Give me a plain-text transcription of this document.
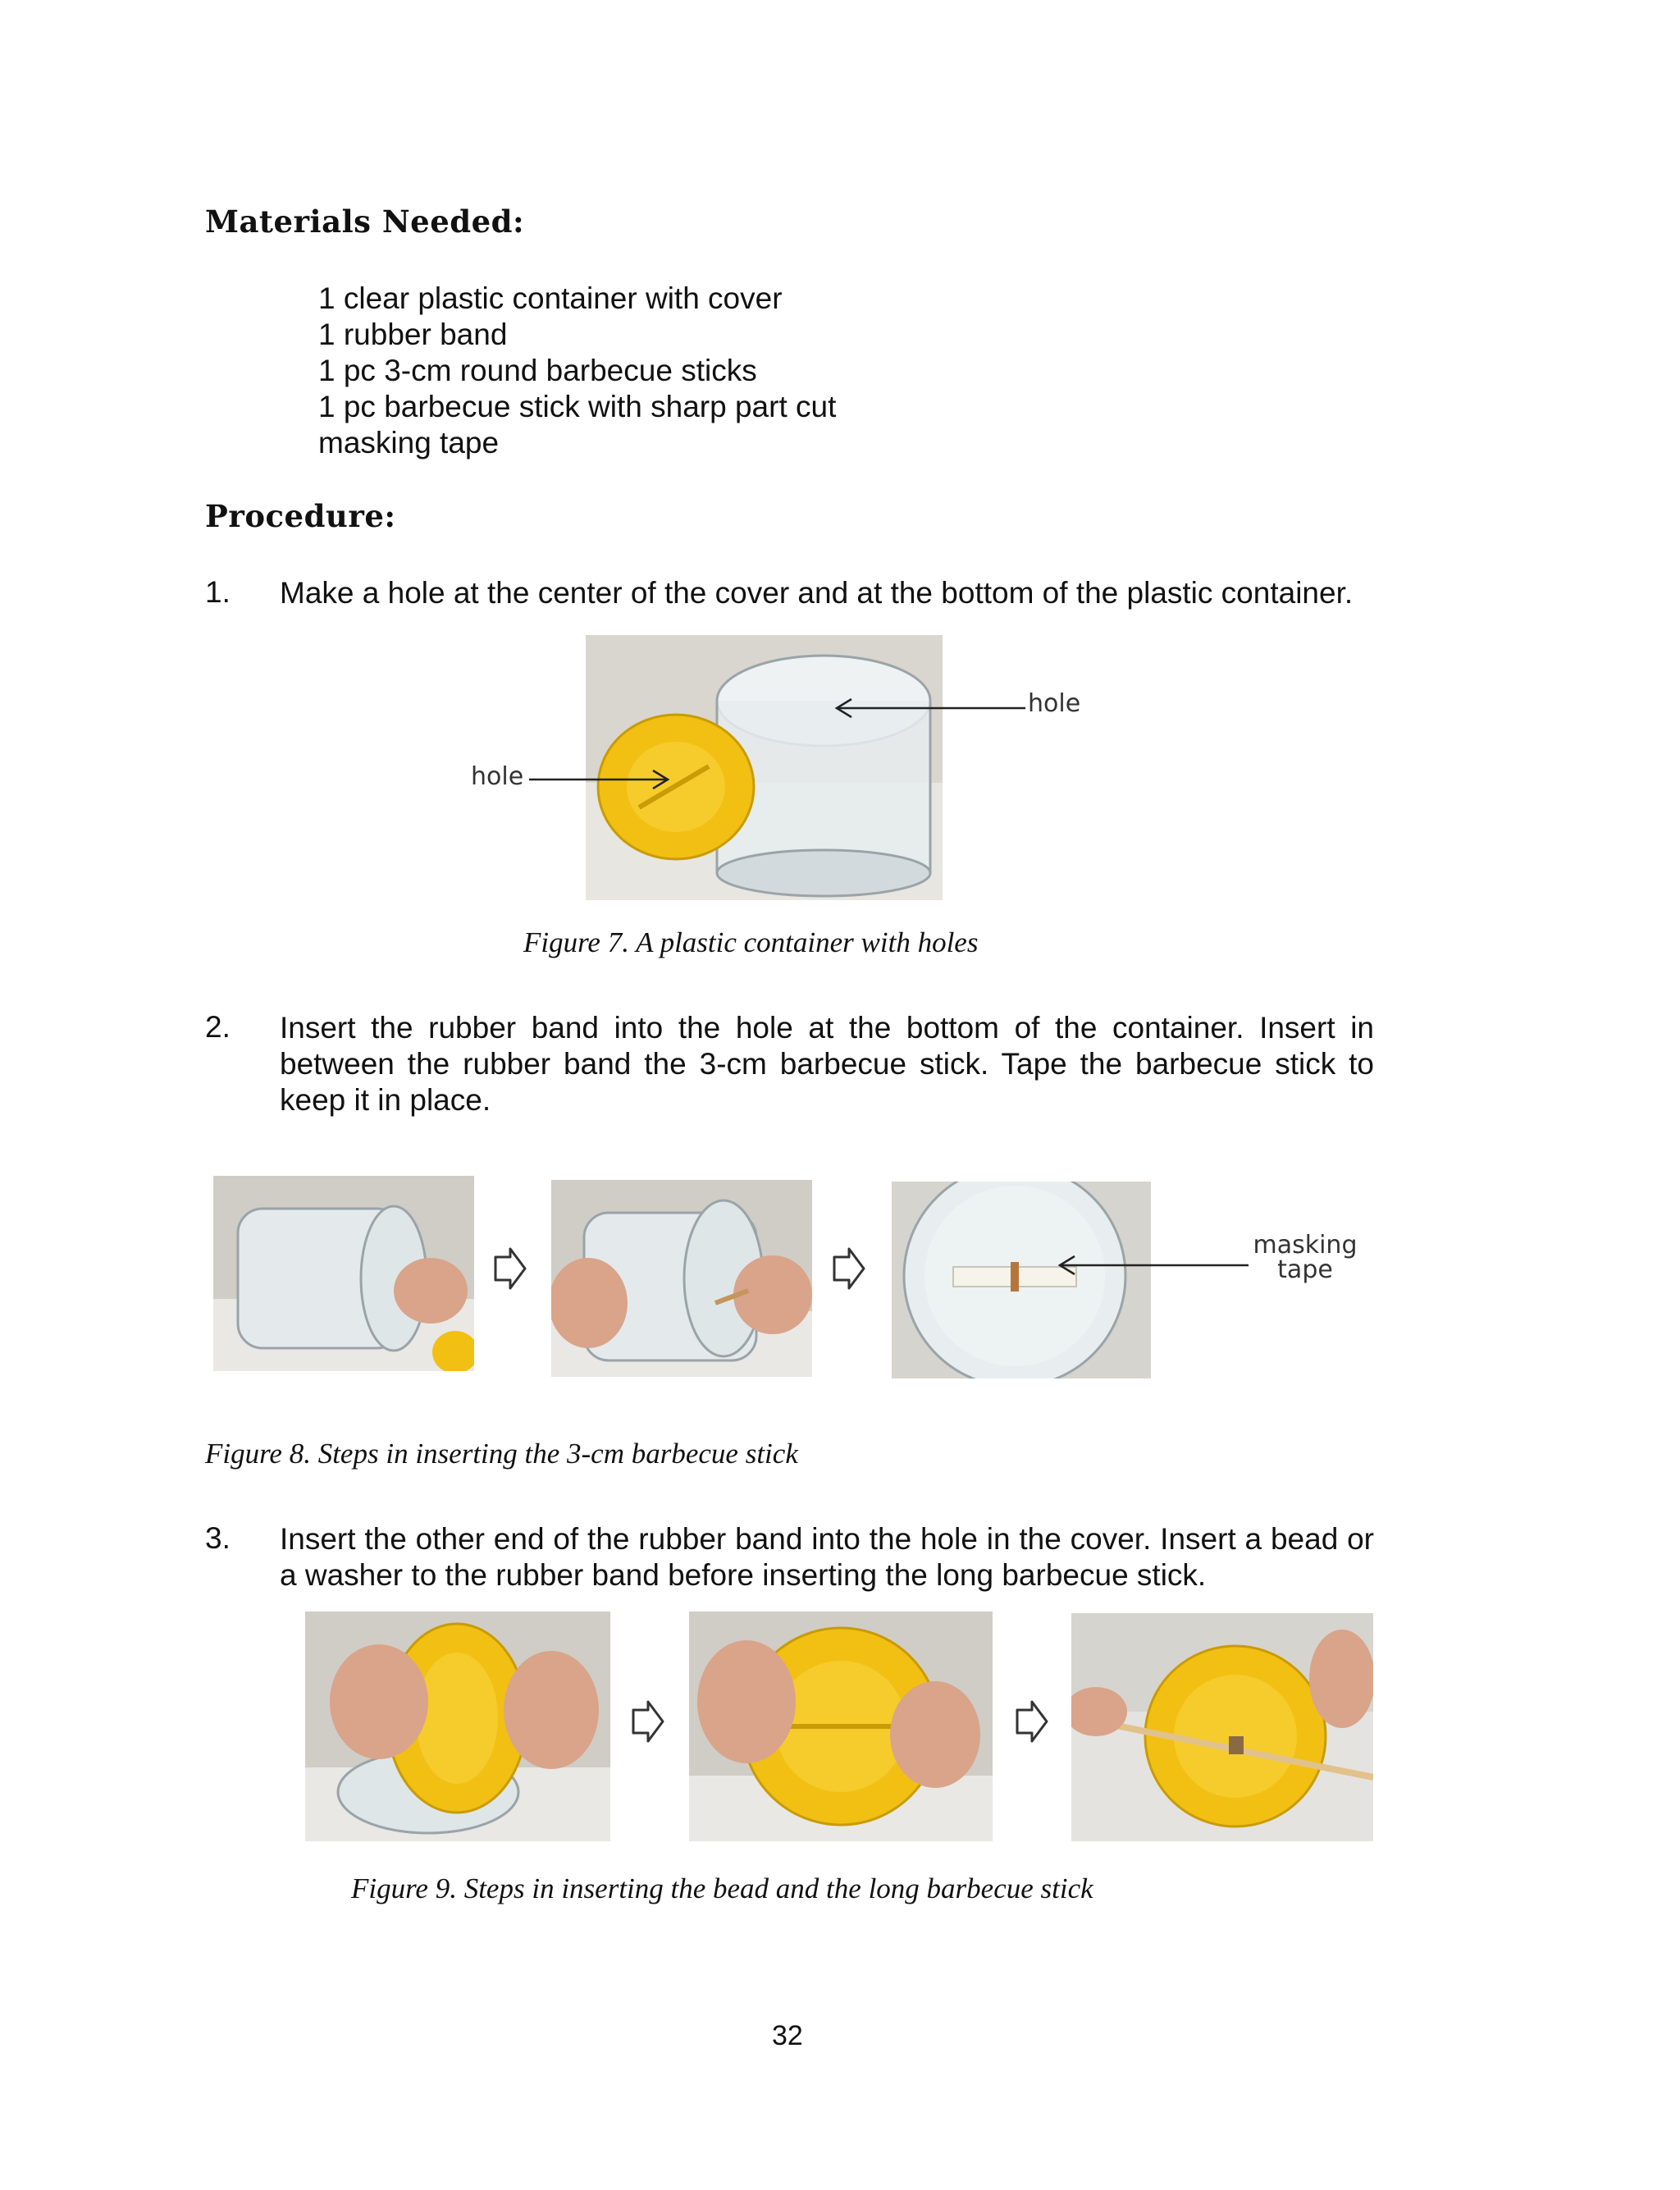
Materials Needed:
1 clear plastic container with cover
1 rubber band
1 pc 3-cm round barbecue sticks
1 pc barbecue stick with sharp part cut
masking tape
Procedure:
1. Make a hole at the center of the cover and at the bottom of the plastic container.
hole
hole
Figure 7. A plastic container with holes
2. Insert the rubber band into the hole at the bottom of the container. Insert in between the rubber band the 3-cm barbecue stick. Tape the barbecue stick to keep it in place.
masking
tape
Figure 8. Steps in inserting the 3-cm barbecue stick
3. Insert the other end of the rubber band into the hole in the cover. Insert a bead or a washer to the rubber band before inserting the long barbecue stick.
Figure 9. Steps in inserting the bead and the long barbecue stick
32
